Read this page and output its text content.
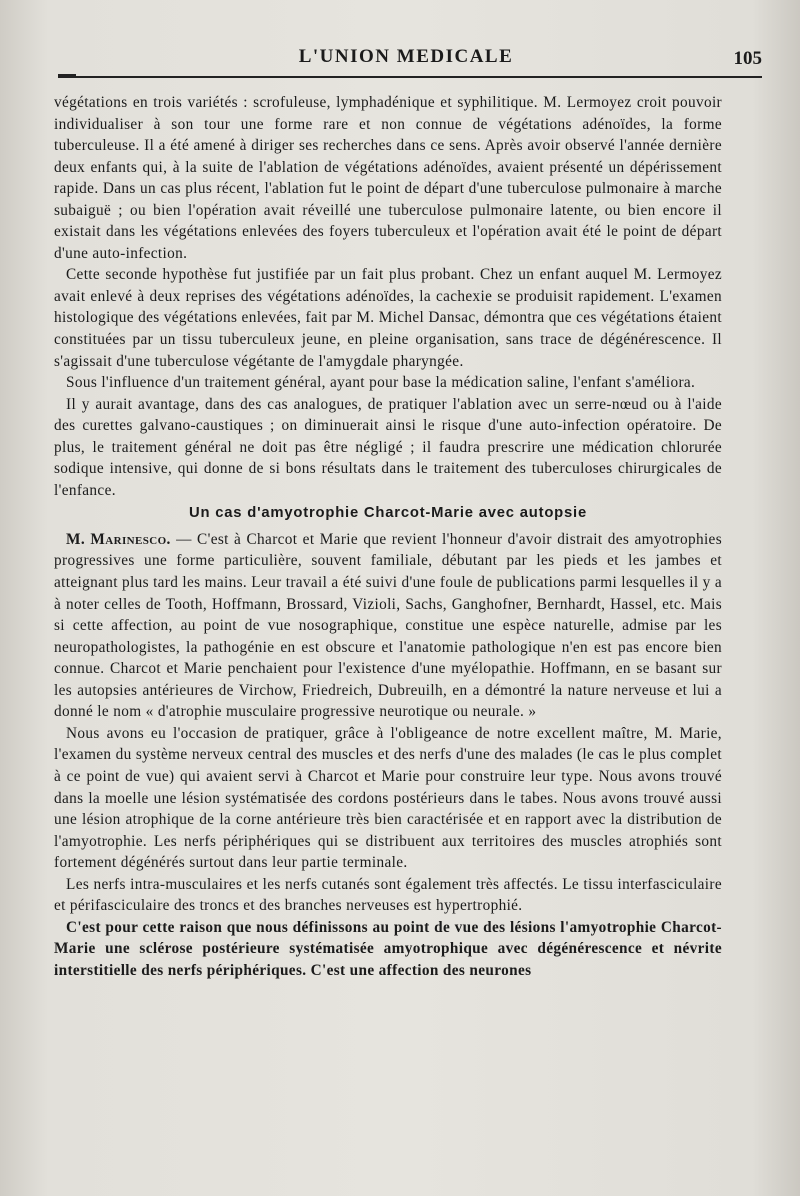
L'UNION MEDICALE	105

végétations en trois variétés : scrofuleuse, lymphadénique et syphilitique. M. Lermoyez croit pouvoir individualiser à son tour une forme rare et non connue de végétations adénoïdes, la forme tuberculeuse. Il a été amené à diriger ses recherches dans ce sens. Après avoir observé l'année dernière deux enfants qui, à la suite de l'ablation de végétations adénoïdes, avaient présenté un dépérissement rapide. Dans un cas plus récent, l'ablation fut le point de départ d'une tuberculose pulmonaire à marche subaiguë ; ou bien l'opération avait réveillé une tuberculose pulmonaire latente, ou bien encore il existait dans les végétations enlevées des foyers tuberculeux et l'opération avait été le point de départ d'une auto-infection.

Cette seconde hypothèse fut justifiée par un fait plus probant. Chez un enfant auquel M. Lermoyez avait enlevé à deux reprises des végétations adénoïdes, la cachexie se produisit rapidement. L'examen histologique des végétations enlevées, fait par M. Michel Dansac, démontra que ces végétations étaient constituées par un tissu tuberculeux jeune, en pleine organisation, sans trace de dégénérescence. Il s'agissait d'une tuberculose végétante de l'amygdale pharyngée.

Sous l'influence d'un traitement général, ayant pour base la médication saline, l'enfant s'améliora.

Il y aurait avantage, dans des cas analogues, de pratiquer l'ablation avec un serre-nœud ou à l'aide des curettes galvano-caustiques ; on diminuerait ainsi le risque d'une auto-infection opératoire. De plus, le traitement général ne doit pas être négligé ; il faudra prescrire une médication chlorurée sodique intensive, qui donne de si bons résultats dans le traitement des tuberculoses chirurgicales de l'enfance.

Un cas d'amyotrophie Charcot-Marie avec autopsie

M. Marinesco. — C'est à Charcot et Marie que revient l'honneur d'avoir distrait des amyotrophies progressives une forme particulière, souvent familiale, débutant par les pieds et les jambes et atteignant plus tard les mains. Leur travail a été suivi d'une foule de publications parmi lesquelles il y a à noter celles de Tooth, Hoffmann, Brossard, Vizioli, Sachs, Ganghofner, Bernhardt, Hassel, etc. Mais si cette affection, au point de vue nosographique, constitue une espèce naturelle, admise par les neuropathologistes, la pathogénie en est obscure et l'anatomie pathologique n'en est pas encore bien connue. Charcot et Marie penchaient pour l'existence d'une myélopathie. Hoffmann, en se basant sur les autopsies antérieures de Virchow, Friedreich, Dubreuilh, en a démontré la nature nerveuse et lui a donné le nom « d'atrophie musculaire progressive neurotique ou neurale. »

Nous avons eu l'occasion de pratiquer, grâce à l'obligeance de notre excellent maître, M. Marie, l'examen du système nerveux central des muscles et des nerfs d'une des malades (le cas le plus complet à ce point de vue) qui avaient servi à Charcot et Marie pour construire leur type. Nous avons trouvé dans la moelle une lésion systématisée des cordons postérieurs dans le tabes. Nous avons trouvé aussi une lésion atrophique de la corne antérieure très bien caractérisée et en rapport avec la distribution de l'amyotrophie. Les nerfs périphériques qui se distribuent aux territoires des muscles atrophiés sont fortement dégénérés surtout dans leur partie terminale.

Les nerfs intra-musculaires et les nerfs cutanés sont également très affectés. Le tissu interfasciculaire et périfasciculaire des troncs et des branches nerveuses est hypertrophié.

C'est pour cette raison que nous définissons au point de vue des lésions l'amyotrophie Charcot-Marie une sclérose postérieure systématisée amyotrophique avec dégénérescence et névrite interstitielle des nerfs périphériques. C'est une affection des neurones
